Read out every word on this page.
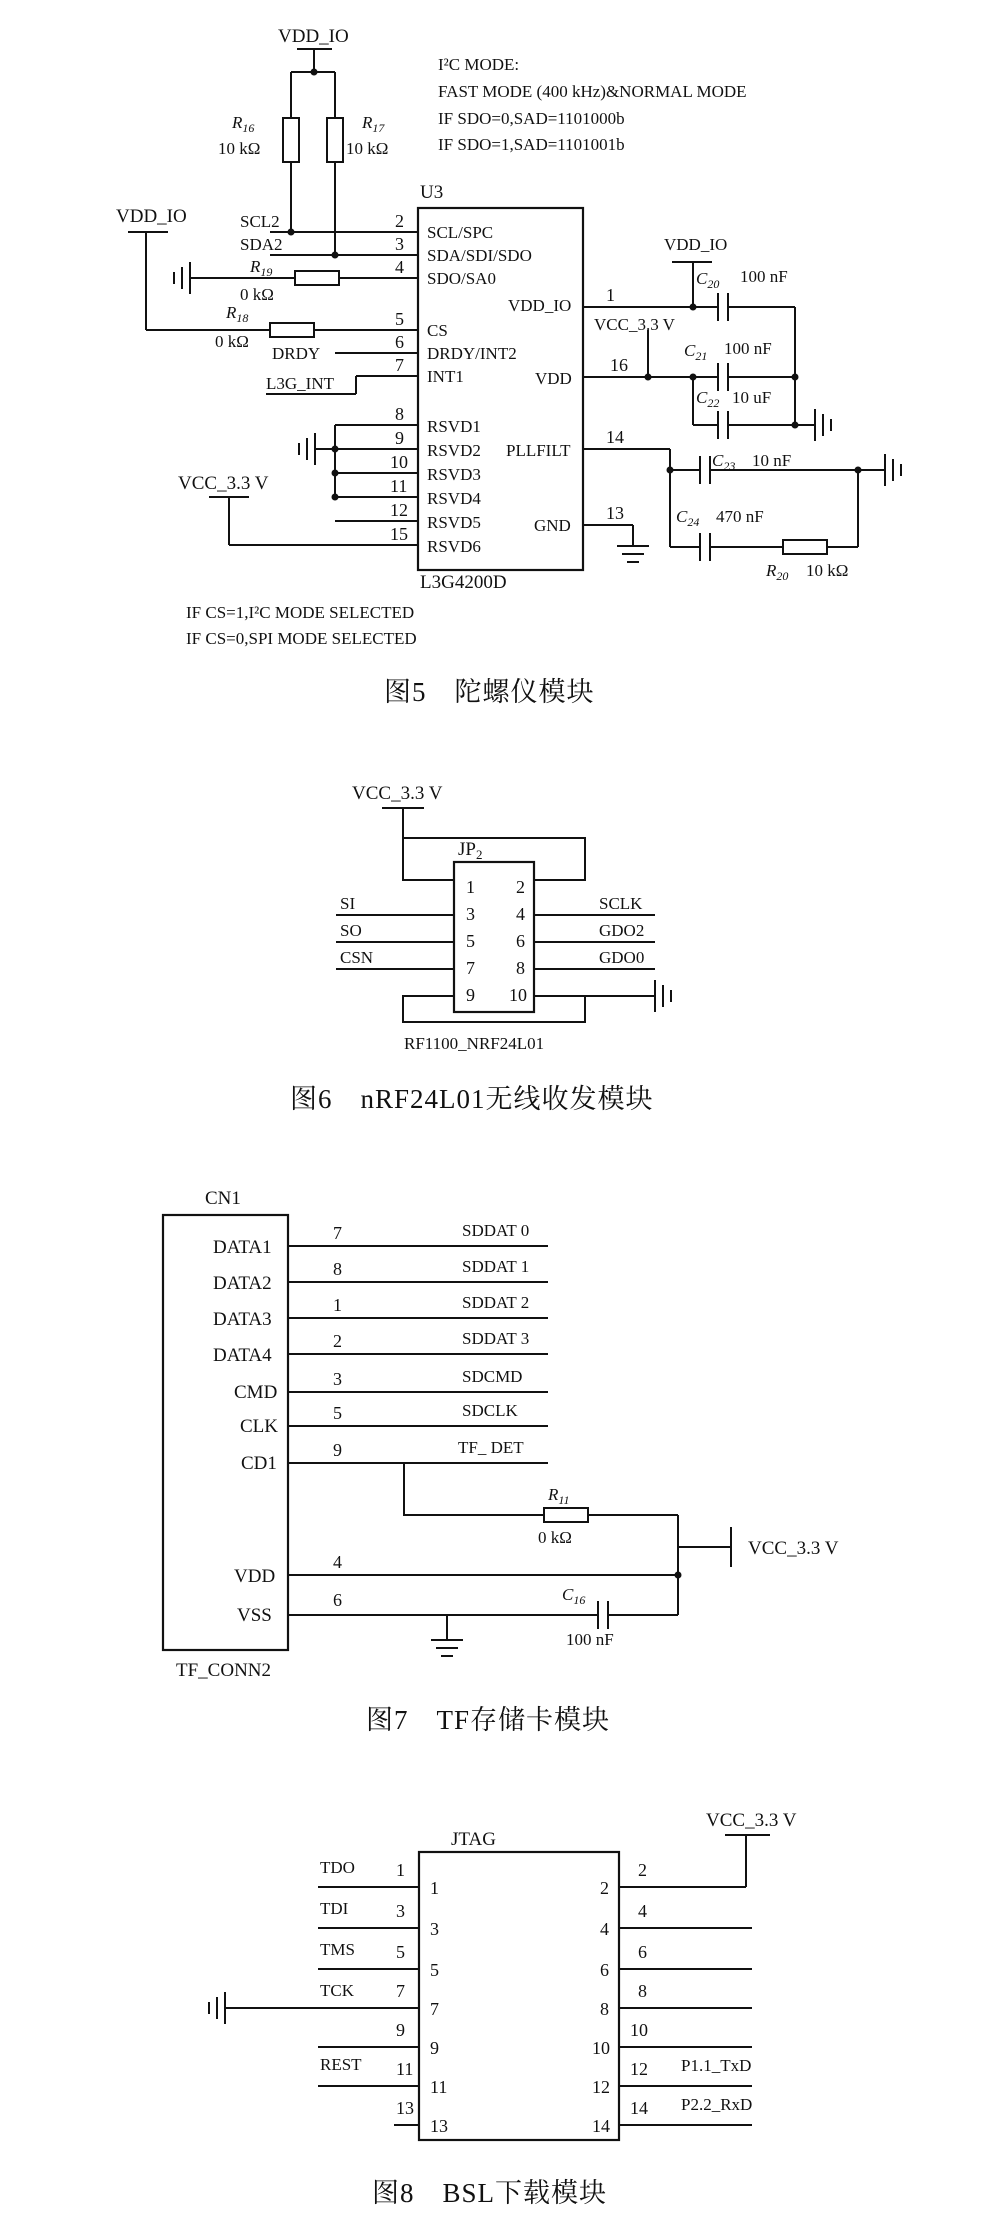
I²C MODE:
FAST MODE (400 kHz)&NORMAL MODE
IF SDO=0,SAD=1101000b
IF SDO=1,SAD=1101001b
VDD_IO
$R_{16}$
10 kΩ
$R_{17}$
10 kΩ
U3
L3G4200D
SCL2	2
SCL/SPC
SDA2	3
SDA/SDI/SDO
$R_{19}$
0 kΩ
4
SDO/SA0
VDD_IO
$R_{18}$
0 kΩ
5
CS
DRDY
6
DRDY/INT2
L3G_INT
7
INT1
8
RSVD1
9
RSVD2
10
RSVD3
11
RSVD4
12
RSVD5
VCC_3.3 V
15
RSVD6
1
VDD_IO
VCC_3.3 V
16
VDD
14
PLLFILT
13
GND
VDD_IO
$C_{20}$ 100 nF
$C_{21}$ 100 nF
$C_{22}$ 10 uF
$C_{23}$ 10 nF
$C_{24}$ 470 nF
$R_{20}$ 10 kΩ
IF CS=1,I²C MODE SELECTED
IF CS=0,SPI MODE SELECTED
图5　陀螺仪模块
VCC_3.3 V
$JP_2$
1
3
5
7
9
2
4
6
8
10
SI
SO
CSN
SCLK
GDO2
GDO0
RF1100_NRF24L01
图6　nRF24L01无线收发模块
CN1
TF_CONN2
DATA1
7	SDDAT 0
DATA2
8	SDDAT 1
DATA3
1	SDDAT 2
DATA4
2	SDDAT 3
CMD
3	SDCMD
CLK
5	SDCLK
CD1
9	TF_ DET
$R_{11}$
0 kΩ
VCC_3.3 V
VDD
4
VSS
6	$C_{16}$
100 nF
图7　TF存储卡模块
JTAG
VCC_3.3 V
TDO 1
1
TDI	3
3
TMS 5
5
TCK 7
7
9
9
REST 11
11
13
13
2
2
4
4
6
6
8
8
10
10
12
12 P1.1_TxD
14
14 P2.2_RxD
图8　BSL下载模块
